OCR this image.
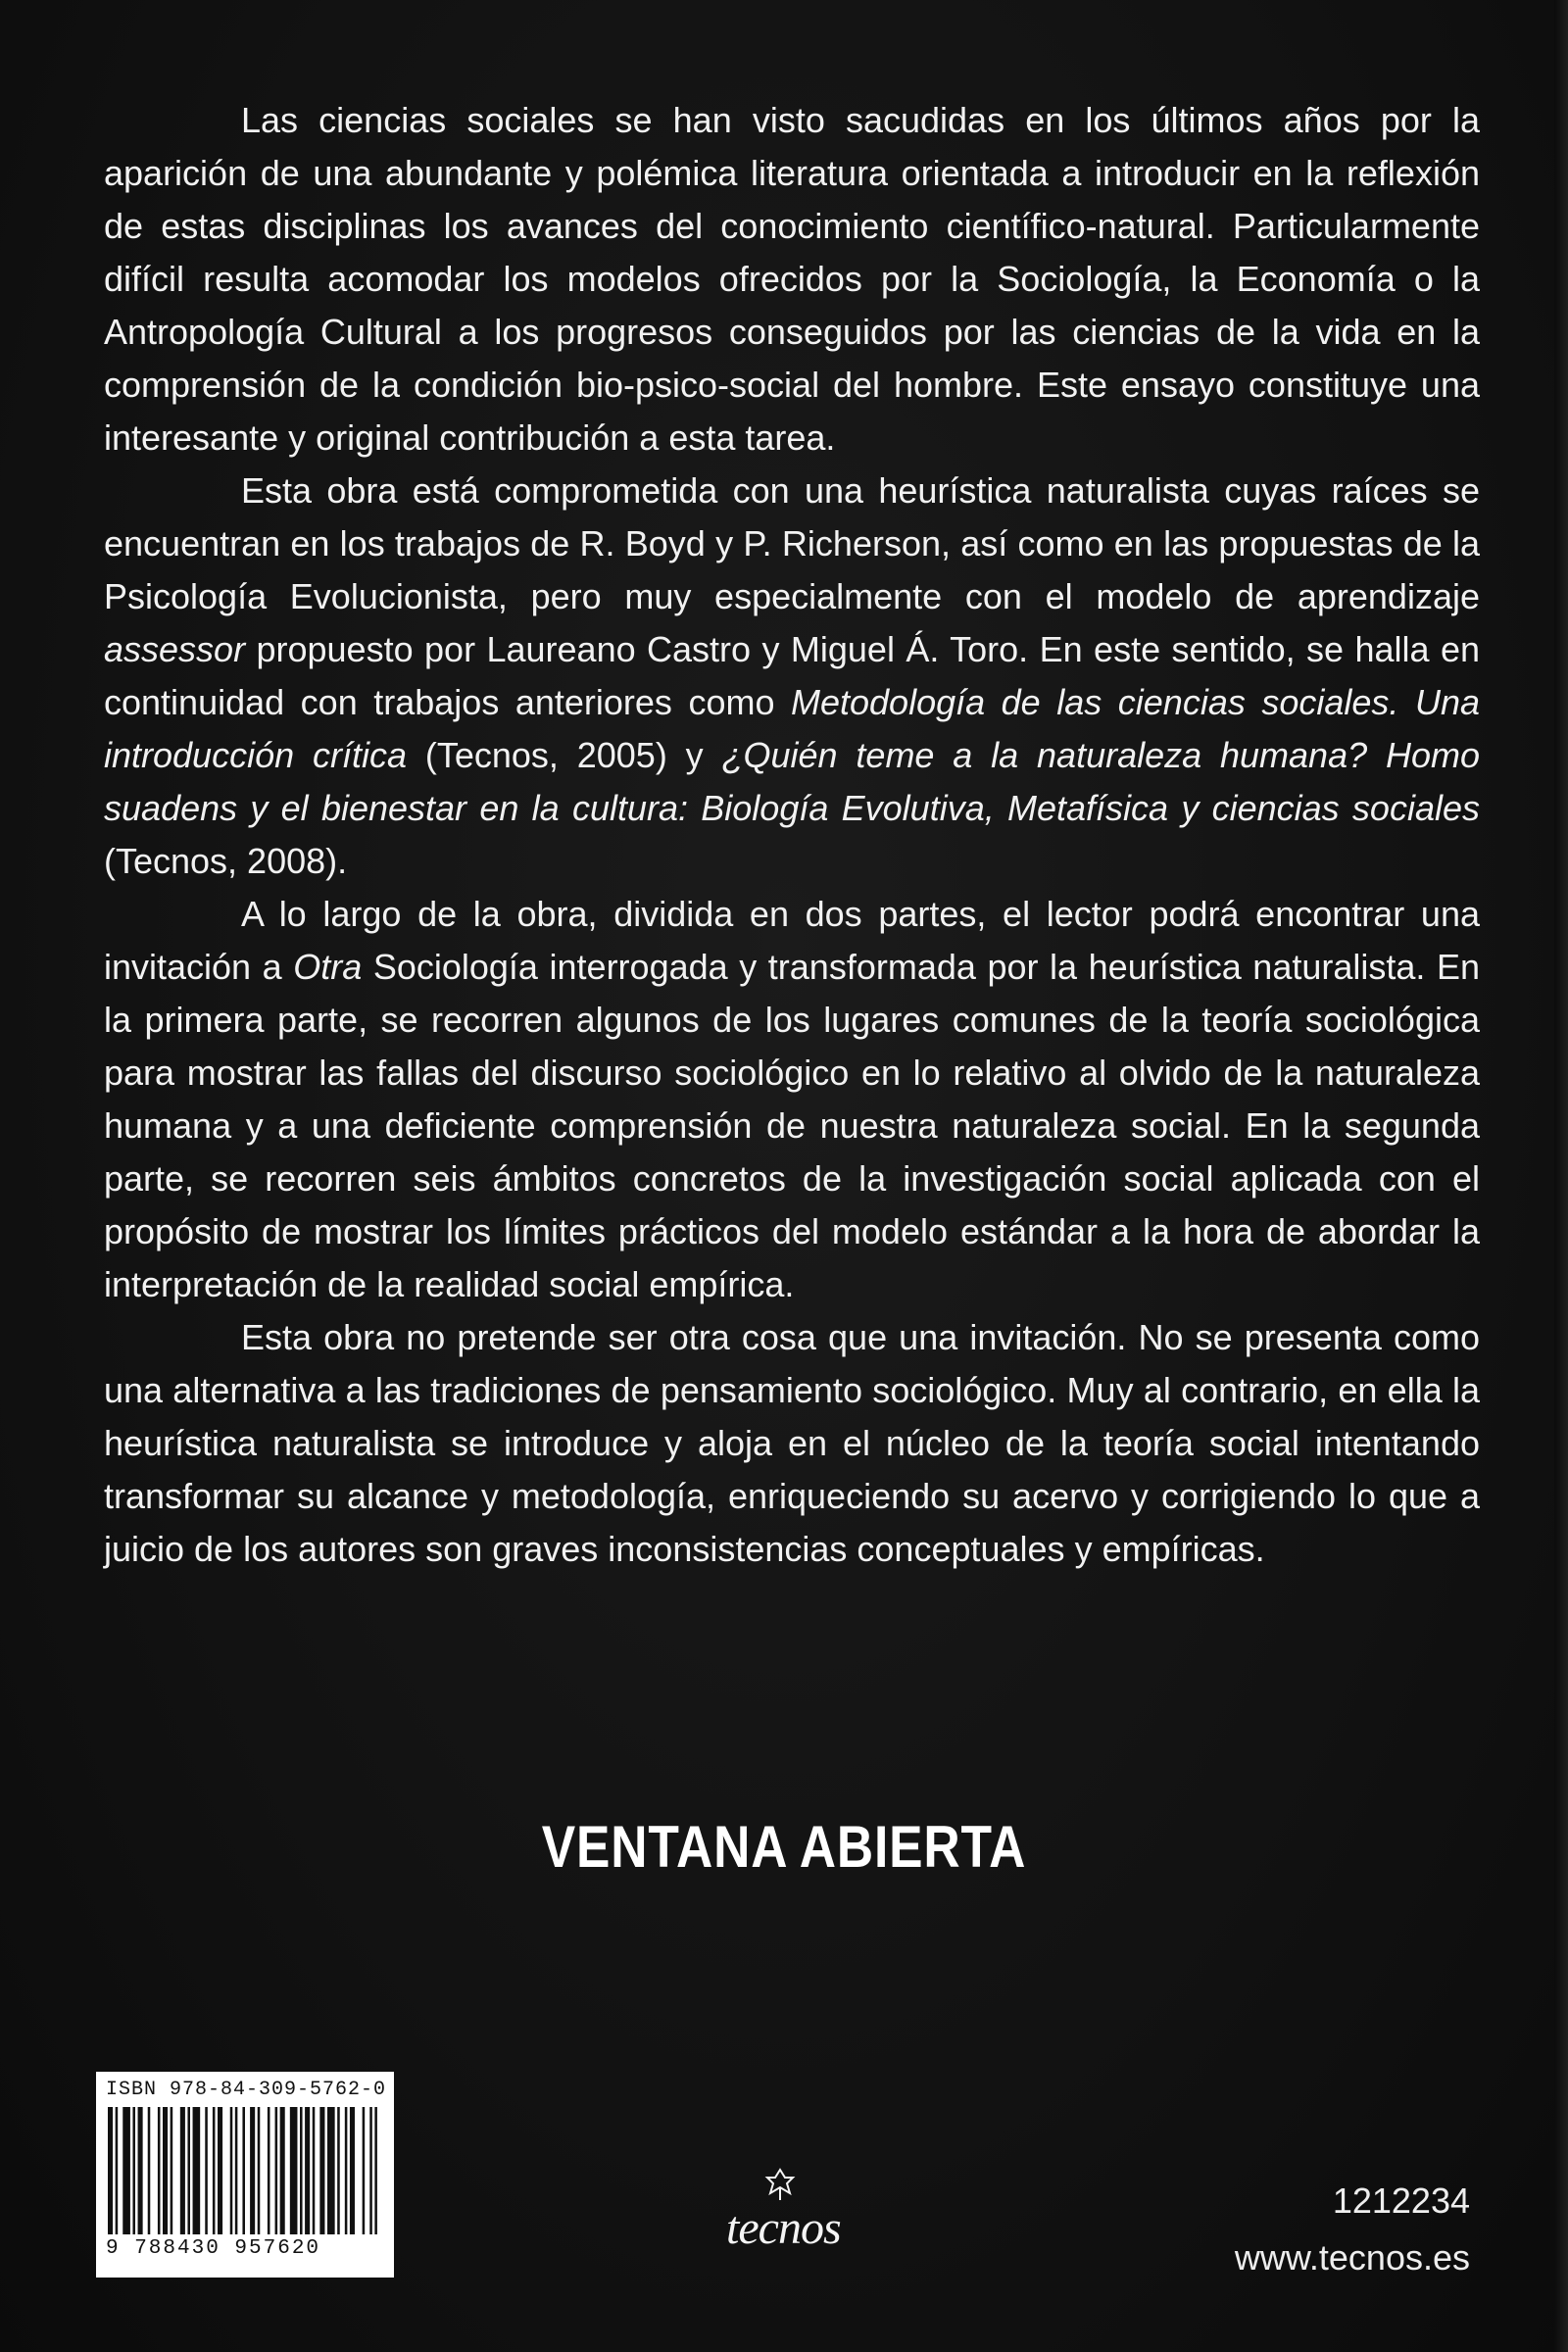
Las ciencias sociales se han visto sacudidas en los últimos años por la aparición de una abundante y polémica literatura orientada a introducir en la reflexión de estas disciplinas los avances del conocimiento científico-natural. Particularmente difícil resulta acomodar los modelos ofrecidos por la Sociología, la Economía o la Antropología Cultural a los progresos conseguidos por las ciencias de la vida en la comprensión de la condición bio-psico-social del hombre. Este ensayo constituye una interesante y original contribución a esta tarea.

Esta obra está comprometida con una heurística naturalista cuyas raíces se encuentran en los trabajos de R. Boyd y P. Richerson, así como en las propuestas de la Psicología Evolucionista, pero muy especialmente con el modelo de aprendizaje assessor propuesto por Laureano Castro y Miguel Á. Toro. En este sentido, se halla en continuidad con trabajos anteriores como Metodología de las ciencias sociales. Una introducción crítica (Tecnos, 2005) y ¿Quién teme a la naturaleza humana? Homo suadens y el bienestar en la cultura: Biología Evolutiva, Metafísica y ciencias sociales (Tecnos, 2008).

A lo largo de la obra, dividida en dos partes, el lector podrá encontrar una invitación a Otra Sociología interrogada y transformada por la heurística naturalista. En la primera parte, se recorren algunos de los lugares comunes de la teoría sociológica para mostrar las fallas del discurso sociológico en lo relativo al olvido de la naturaleza humana y a una deficiente comprensión de nuestra naturaleza social. En la segunda parte, se recorren seis ámbitos concretos de la investigación social aplicada con el propósito de mostrar los límites prácticos del modelo estándar a la hora de abordar la interpretación de la realidad social empírica.

Esta obra no pretende ser otra cosa que una invitación. No se presenta como una alternativa a las tradiciones de pensamiento sociológico. Muy al contrario, en ella la heurística naturalista se introduce y aloja en el núcleo de la teoría social intentando transformar su alcance y metodología, enriqueciendo su acervo y corrigiendo lo que a juicio de los autores son graves inconsistencias conceptuales y empíricas.

VENTANA ABIERTA
ISBN 978-84-309-5762-0
9 788430 957620	tecnos
1212234
www.tecnos.es
